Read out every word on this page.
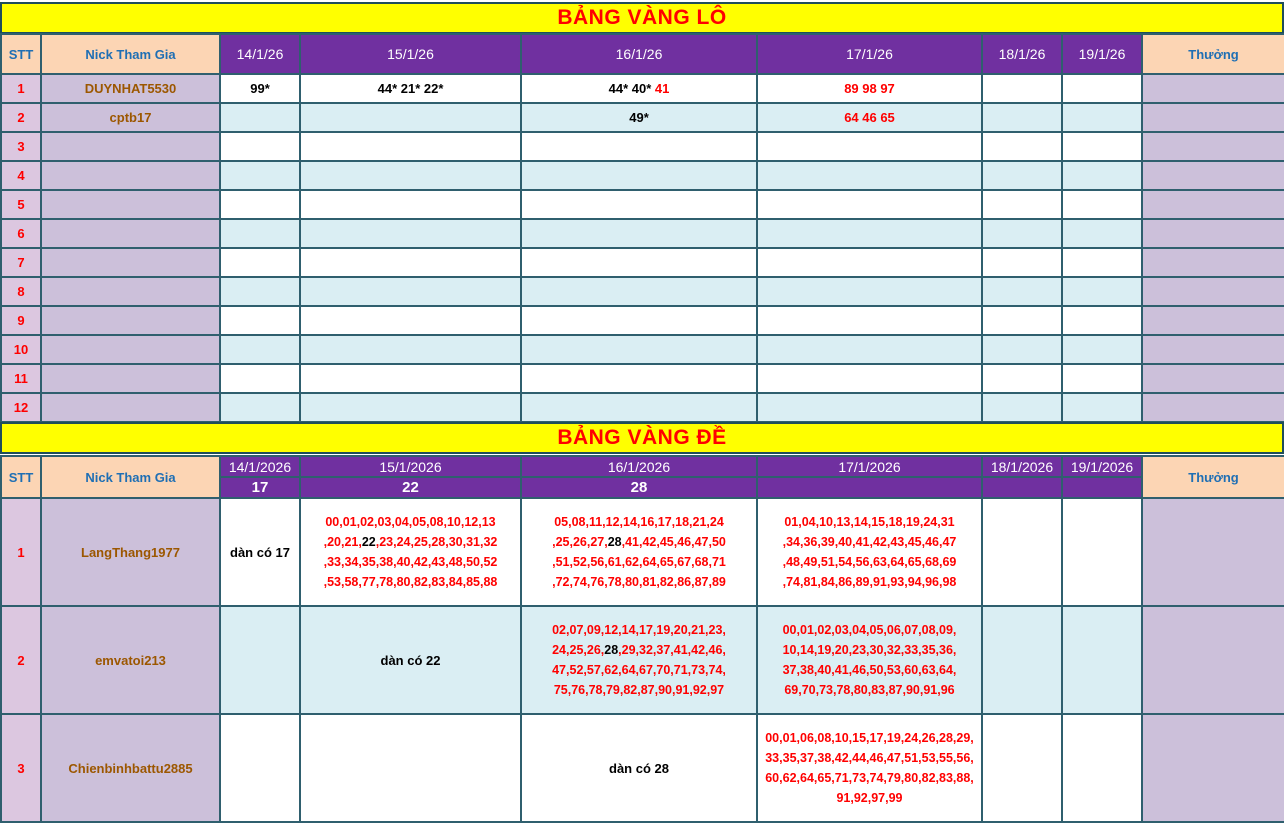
BẢNG VÀNG LÔ
STT	Nick Tham Gia	14/1/26	15/1/26	16/1/26	17/1/26	18/1/26	19/1/26	Thưởng
1	DUYNHAT5530	99*	44* 21* 22*	44* 40* 41	89 98 97			
2	cptb17			49*	64 46 65			
3								
4								
5								
6								
7								
8								
9								
10								
11								
12								
BẢNG VÀNG ĐỀ
STT	Nick Tham Gia	14/1/2026	15/1/2026	16/1/2026	17/1/2026	18/1/2026	19/1/2026	Thưởng
		17	22	28				
1	LangThang1977	dàn có 17	00,01,02,03,04,05,08,10,12,13
,20,21,22,23,24,25,28,30,31,32
,33,34,35,38,40,42,43,48,50,52
,53,58,77,78,80,82,83,84,85,88	05,08,11,12,14,16,17,18,21,24
,25,26,27,28,41,42,45,46,47,50
,51,52,56,61,62,64,65,67,68,71
,72,74,76,78,80,81,82,86,87,89	01,04,10,13,14,15,18,19,24,31
,34,36,39,40,41,42,43,45,46,47
,48,49,51,54,56,63,64,65,68,69
,74,81,84,86,89,91,93,94,96,98			

2	emvatoi213		dàn có 22	02,07,09,12,14,17,19,20,21,23,
24,25,26,28,29,32,37,41,42,46,
47,52,57,62,64,67,70,71,73,74,
75,76,78,79,82,87,90,91,92,97	00,01,02,03,04,05,06,07,08,09,
10,14,19,20,23,30,32,33,35,36,
37,38,40,41,46,50,53,60,63,64,
69,70,73,78,80,83,87,90,91,96			

3	Chienbinhbattu2885			dàn có 28	00,01,06,08,10,15,17,19,24,26,28,29,
33,35,37,38,42,44,46,47,51,53,55,56,
60,62,64,65,71,73,74,79,80,82,83,88,
91,92,97,99			
